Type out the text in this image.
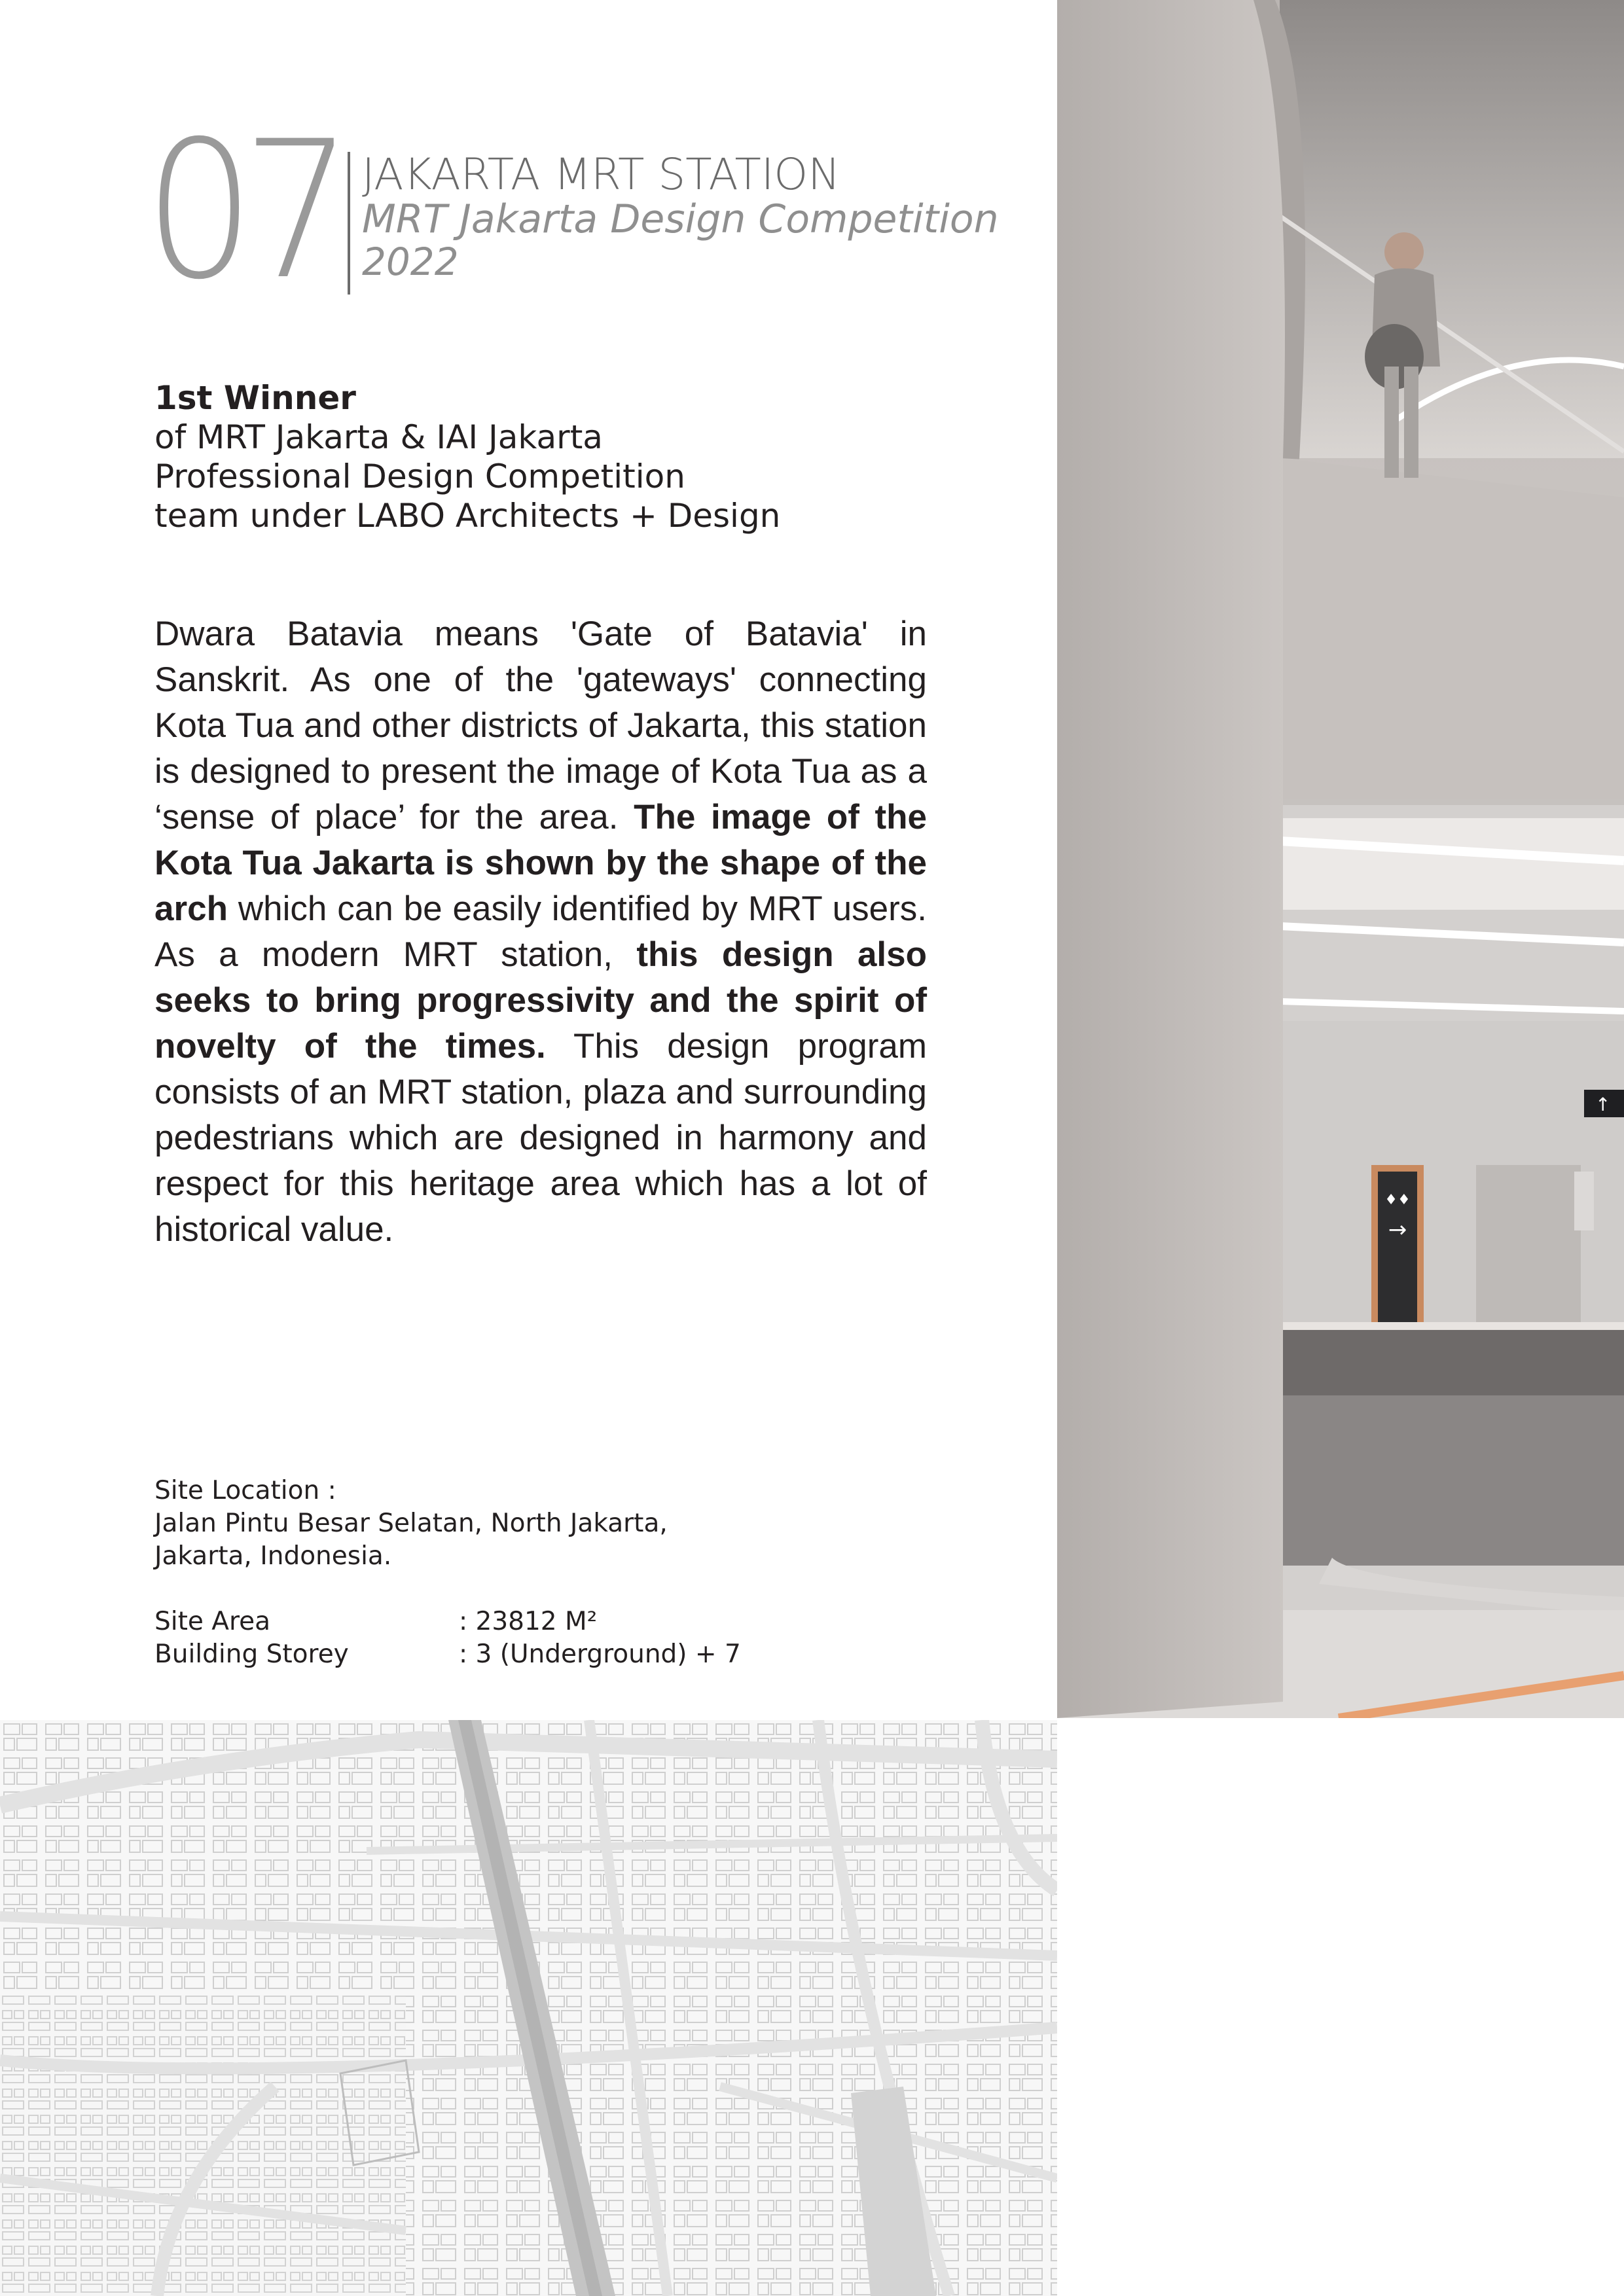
07 JAKARTA MRT STATION
MRT Jakarta Design Competition
2022
1st Winner
of MRT Jakarta & IAI Jakarta
Professional Design Competition
team under LABO Architects + Design
Dwara Batavia means 'Gate of Batavia' in Sanskrit. As one of the 'gateways' connecting Kota Tua and other districts of Jakarta, this station is designed to present the image of Kota Tua as a ‘sense of place’ for the area. The image of the Kota Tua Jakarta is shown by the shape of the arch which can be easily identified by MRT users. As a modern MRT station, this design also seeks to bring progressivity and the spirit of novelty of the times. This design program consists of an MRT station, plaza and surrounding pedestrians which are designed in harmony and respect for this heritage area which has a lot of historical value.
Site Location :
Jalan Pintu Besar Selatan, North Jakarta,
Jakarta, Indonesia.
Site Area	: 23812 M²
Building Storey	: 3 (Underground) + 7
♦♦
→
↑
